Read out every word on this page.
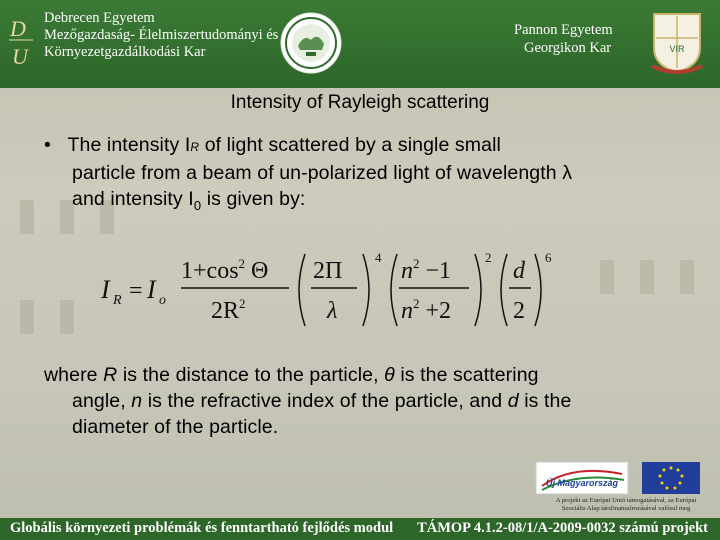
D
U
Debrecen Egyetem
Mezőgazdaság- Élelmiszertudományi és
Környezetgazdálkodási Kar
Pannon Egyetem
Georgikon Kar	VIR
Intensity of Rayleigh scattering
• The intensity IR of light scattered by a single small
particle from a beam of un-polarized light of wavelength λ
and intensity $I_0$ is given by:
I R = I o
$1+\cos^2$ Θ
$2R^2$
2Π
λ
4
$n^2 -1$
$n^2 +2$
2
d
2
6
where R is the distance to the particle, θ is the scattering
angle, n is the refractive index of the particle, and d is the
diameter of the particle.
Új Magyarország
A projekt az Európai Unió támogatásával, az Európai
Szociális Alap társfinanszírozásával valósul meg
Globális környezeti problémák és fenntartható fejlődés modul TÁMOP 4.1.2-08/1/A-2009-0032 számú projekt
